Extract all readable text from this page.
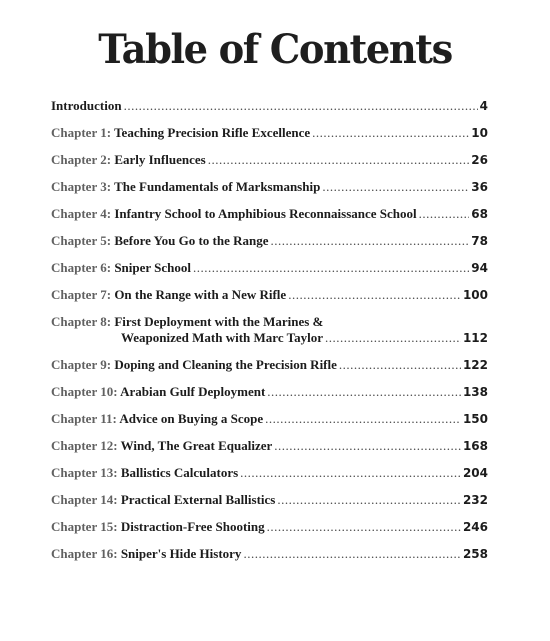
Table of Contents
Introduction .....	4
Chapter 1: Teaching Precision Rifle Excellence .....	10
Chapter 2: Early Influences .....	26
Chapter 3: The Fundamentals of Marksmanship .....	36
Chapter 4: Infantry School to Amphibious Reconnaissance School .....	68
Chapter 5: Before You Go to the Range .....	78
Chapter 6: Sniper School .....	94
Chapter 7: On the Range with a New Rifle .....	100
Chapter 8: First Deployment with the Marines &
Weaponized Math with Marc Taylor .....	112
Chapter 9: Doping and Cleaning the Precision Rifle .....	122
Chapter 10: Arabian Gulf Deployment .....	138
Chapter 11: Advice on Buying a Scope .....	150
Chapter 12: Wind, The Great Equalizer .....	168
Chapter 13: Ballistics Calculators .....	204
Chapter 14: Practical External Ballistics .....	232
Chapter 15: Distraction-Free Shooting .....	246
Chapter 16: Sniper's Hide History .....	258
